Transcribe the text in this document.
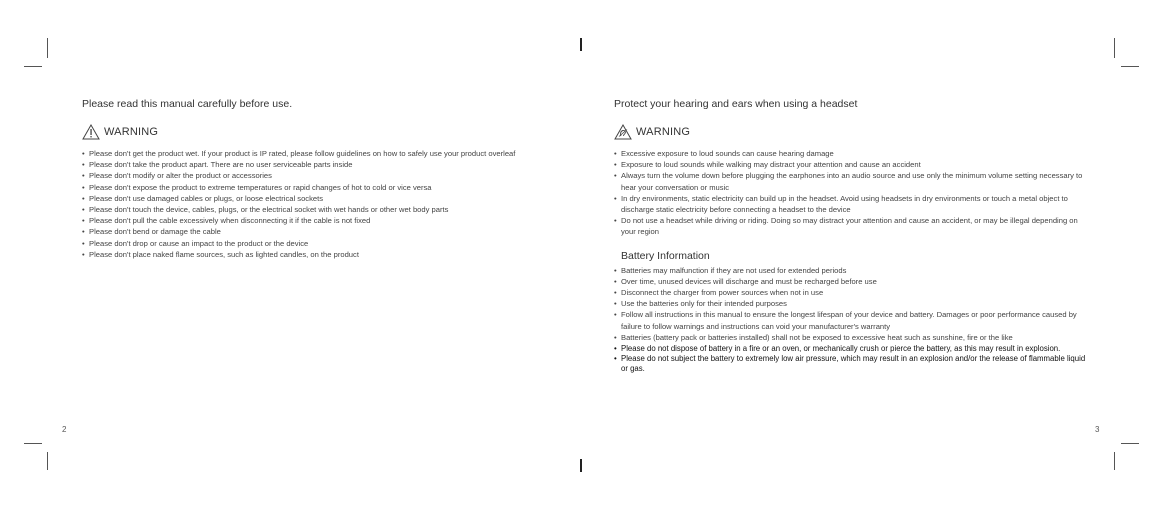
Please read this manual carefully before use.
WARNING
• Please don't get the product wet. If your product is IP rated, please follow guidelines on how to safely use your product overleaf
• Please don't take the product apart. There are no user serviceable parts inside
• Please don't modify or alter the product or accessories
• Please don't expose the product to extreme temperatures or rapid changes of hot to cold or vice versa
• Please don't use damaged cables or plugs, or loose electrical sockets
• Please don't touch the device, cables, plugs, or the electrical socket with wet hands or other wet body parts
• Please don't pull the cable excessively when disconnecting it if the cable is not fixed
• Please don't bend or damage the cable
• Please don't drop or cause an impact to the product or the device
• Please don't place naked flame sources, such as lighted candles, on the product
2
Protect your hearing and ears when using a headset
WARNING
• Excessive exposure to loud sounds can cause hearing damage
• Exposure to loud sounds while walking may distract your attention and cause an accident
• Always turn the volume down before plugging the earphones into an audio source and use only the minimum volume setting necessary to hear your conversation or music
• In dry environments, static electricity can build up in the headset. Avoid using headsets in dry environments or touch a metal object to discharge static electricity before connecting a headset to the device
• Do not use a headset while driving or riding. Doing so may distract your attention and cause an accident, or may be illegal depending on your region
Battery Information
• Batteries may malfunction if they are not used for extended periods
• Over time, unused devices will discharge and must be recharged before use
• Disconnect the charger from power sources when not in use
• Use the batteries only for their intended purposes
• Follow all instructions in this manual to ensure the longest lifespan of your device and battery. Damages or poor performance caused by failure to follow warnings and instructions can void your manufacturer's warranty
• Batteries (battery pack or batteries installed) shall not be exposed to excessive heat such as sunshine, fire or the like
• Please do not dispose of battery in a fire or an oven, or mechanically crush or pierce the battery, as this may result in explosion.
• Please do not subject the battery to extremely low air pressure, which may result in an explosion and/or the release of flammable liquid or gas.
3
